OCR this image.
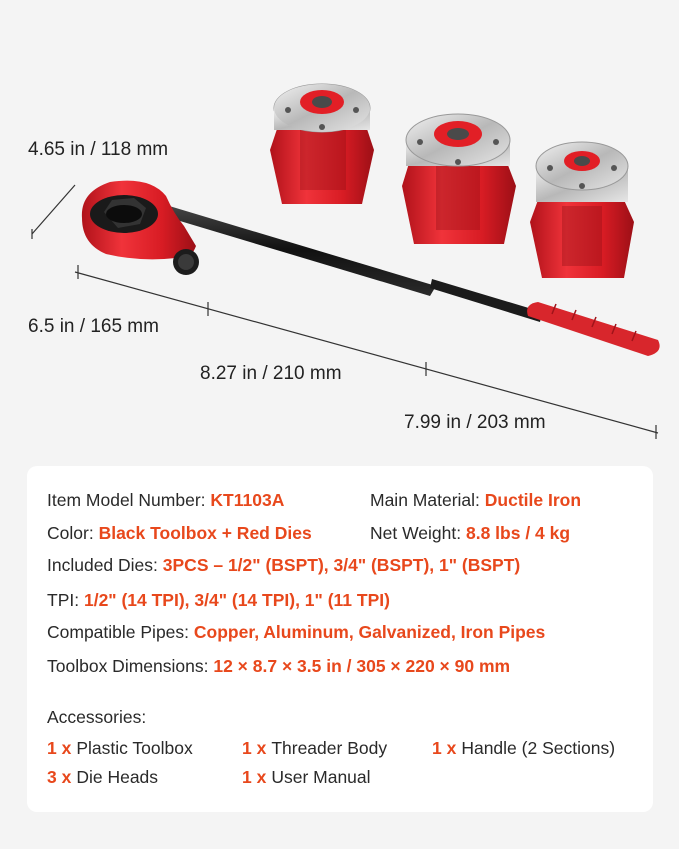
4.65 in / 118 mm
6.5 in / 165 mm
8.27 in / 210 mm
7.99 in / 203 mm
Item Model Number: KT1103A	Main Material: Ductile Iron
Color: Black Toolbox + Red Dies	Net Weight: 8.8 lbs / 4 kg
Included Dies: 3PCS – 1/2" (BSPT), 3/4" (BSPT), 1" (BSPT)
TPI: 1/2" (14 TPI), 3/4" (14 TPI), 1" (11 TPI)
Compatible Pipes: Copper, Aluminum, Galvanized, Iron Pipes
Toolbox Dimensions: 12 × 8.7 × 3.5 in / 305 × 220 × 90 mm
Accessories:
1 x Plastic Toolbox	1 x Threader Body	1 x Handle (2 Sections)
3 x Die Heads	1 x User Manual
